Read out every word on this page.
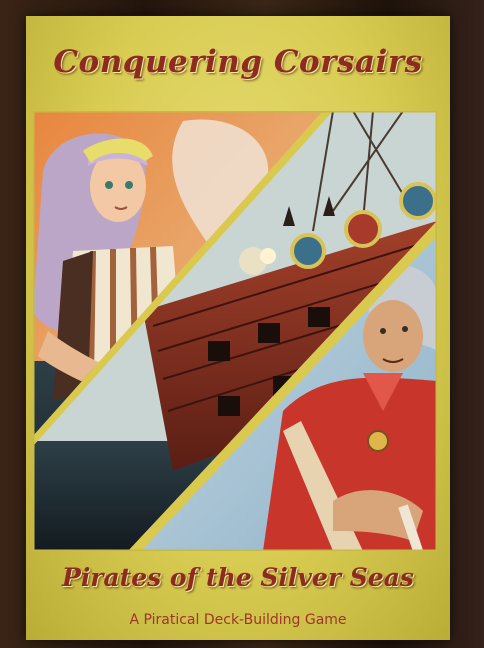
Conquering Corsairs
Pirates of the Silver Seas
A Piratical Deck-Building Game
